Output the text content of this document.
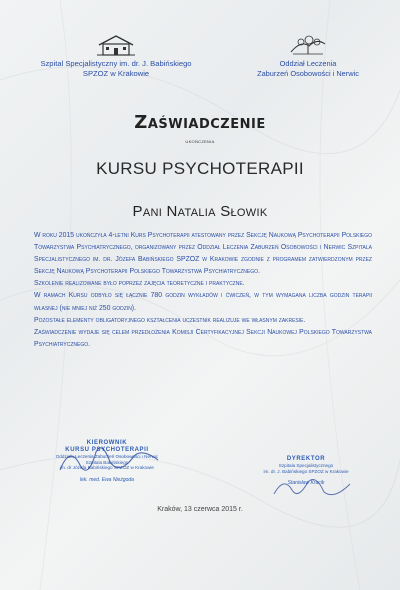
Szpital Specjalistyczny im. dr. J. Babińskiego
SPZOZ w Krakowie
Oddział Leczenia
Zaburzeń Osobowości i Nerwic
Zaświadczenie
ukończenia
KURSU PSYCHOTERAPII
Pani Natalia Słowik

W roku 2015 ukończyła 4-letni Kurs Psychoterapii atestowany przez Sekcję Naukową Psychoterapii Polskiego Towarzystwa Psychiatrycznego, organizowany przez Oddział Leczenia Zaburzeń Osobowości i Nerwic Szpitala Specjalistycznego im. dr. Józefa Babińskiego SPZOZ w Krakowie zgodnie z programem zatwierdzonym przez Sekcję Naukową Psychoterapii Polskiego Towarzystwa Psychiatrycznego.

Szkolenie realizowane było poprzez zajęcia teoretyczne i praktyczne.

W ramach Kursu odbyło się łącznie 780 godzin wykładów i ćwiczeń, w tym wymagana liczba godzin terapii własnej (nie mniej niż 250 godzin).

Pozostałe elementy obligatoryjnego kształcenia uczestnik realizuje we własnym zakresie.

Zaświadczenie wydaje się celem przedłożenia Komisji Certyfikacyjnej Sekcji Naukowej Polskiego Towarzystwa Psychiatrycznego.

KIEROWNIK
KURSU PSYCHOTERAPII
Oddziału Leczenia Zaburzeń Osobowości i Nerwic
Szpitala Babińskiego
im. dr Józefa Babińskiego SPZOZ w Krakowie
lek. med. Ewa Nieżgoda
DYREKTOR
Szpitala Specjalistycznego
im. dr. J. Babińskiego SPZOZ w Krakowie
Stanisław Kracik
Kraków, 13 czerwca 2015 r.
